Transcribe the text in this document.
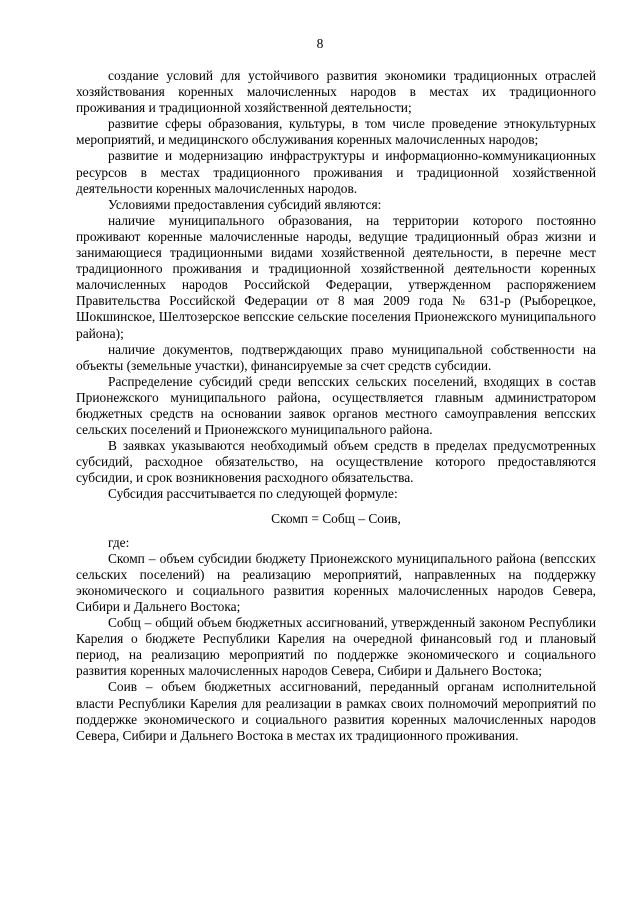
8

создание условий для устойчивого развития экономики традиционных отраслей хозяйствования коренных малочисленных народов в местах их традиционного проживания и традиционной хозяйственной деятельности;

развитие сферы образования, культуры, в том числе проведение этнокультурных мероприятий, и медицинского обслуживания коренных малочисленных народов;

развитие и модернизацию инфраструктуры и информационно-коммуникационных ресурсов в местах традиционного проживания и традиционной хозяйственной деятельности коренных малочисленных народов.

Условиями предоставления субсидий являются:

наличие муниципального образования, на территории которого постоянно проживают коренные малочисленные народы, ведущие традиционный образ жизни и занимающиеся традиционными видами хозяйственной деятельности, в перечне мест традиционного проживания и традиционной хозяйственной деятельности коренных малочисленных народов Российской Федерации, утвержденном распоряжением Правительства Российской Федерации от 8 мая 2009 года № 631-р (Рыборецкое, Шокшинское, Шелтозерское вепсские сельские поселения Прионежского муниципального района);

наличие документов, подтверждающих право муниципальной собственности на объекты (земельные участки), финансируемые за счет средств субсидии.

Распределение субсидий среди вепсских сельских поселений, входящих в состав Прионежского муниципального района, осуществляется главным администратором бюджетных средств на основании заявок органов местного самоуправления вепсских сельских поселений и Прионежского муниципального района.

В заявках указываются необходимый объем средств в пределах предусмотренных субсидий, расходное обязательство, на осуществление которого предоставляются субсидии, и срок возникновения расходного обязательства.

Субсидия рассчитывается по следующей формуле:

Скомп = Собщ – Соив,

где:

Скомп – объем субсидии бюджету Прионежского муниципального района (вепсских сельских поселений) на реализацию мероприятий, направленных на поддержку экономического и социального развития коренных малочисленных народов Севера, Сибири и Дальнего Востока;

Собщ – общий объем бюджетных ассигнований, утвержденный законом Республики Карелия о бюджете Республики Карелия на очередной финансовый год и плановый период, на реализацию мероприятий по поддержке экономического и социального развития коренных малочисленных народов Севера, Сибири и Дальнего Востока;

Соив – объем бюджетных ассигнований, переданный органам исполнительной власти Республики Карелия для реализации в рамках своих полномочий мероприятий по поддержке экономического и социального развития коренных малочисленных народов Севера, Сибири и Дальнего Востока в местах их традиционного проживания.
